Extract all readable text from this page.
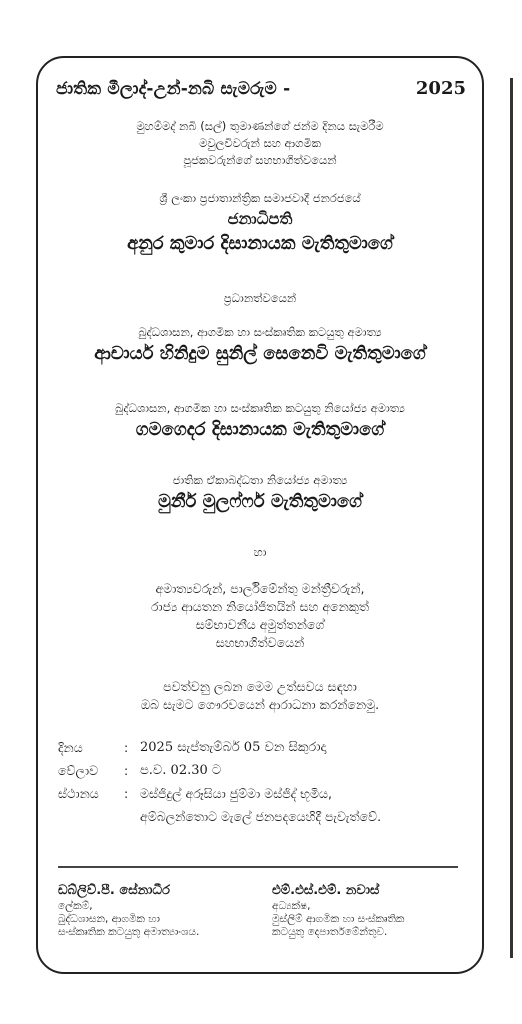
ජාතික මීලාද්-උන්-නබි සැමරුම -	2025
මුහම්මද් නබි (සල්) තුමාණන්ගේ ජන්ම දිනය සැමරීම
මවුලවිවරුන් සහ ආගමික
පූජකවරුන්ගේ සහභාගිත්වයෙන්
ශ්‍රී ලංකා ප්‍රජාතාන්ත්‍රික සමාජවාදී ජනරජයේ
ජනාධිපති
අනුර කුමාර දිසානායක මැතිතුමාගේ
ප්‍රධානත්වයෙන්
බුද්ධශාසන, ආගමික හා සංස්කෘතික කටයුතු අමාත්‍ය
ආචාර්ය හිනිදුම සුනිල් සෙනෙවි මැතිතුමාගේ
බුද්ධශාසන, ආගමික හා සංස්කෘතික කටයුතු නියෝජ්‍ය අමාත්‍ය
ගමගෙදර දිසානායක මැතිතුමාගේ
ජාතික ඒකාබද්ධතා නියෝජ්‍ය අමාත්‍ය
මුනීර් මුලෆ්ෆර් මැතිතුමාගේ
හා
අමාත්‍යවරුන්, පාර්ලිමේන්තු මන්ත්‍රීවරුන්,
රාජ්‍ය ආයතන නියෝජිතයින් සහ අනෙකුත්
සම්භාවනීය අමුත්තන්ගේ
සහභාගිත්වයෙන්
පවත්වනු ලබන මෙම උත්සවය සඳහා
ඔබ සැමට ගෞරවයෙන් ආරාධනා කරන්නෙමු.
දිනය	: 2025 සැප්තැම්බර් 05 වන සිකුරාදා
වේලාව	: ප.ව. 02.30 ට
ස්ථානය	: මස්ජිදුල් අරූසියා ජුම්මා මස්ජිද් භූමිය,
අම්බලන්තොට මැලේ ජනපදයෙහිදී පැවැත්වේ.
ඩබ්ලිව්.පී. සේනාධීර
ලේකම්,
බුද්ධශාසන, ආගමික හා
සංස්කෘතික කටයුතු අමාත්‍යාංශය.
එම්.එස්.එම්. නවාස්
අධ්‍යක්ෂ,
මුස්ලිම් ආගමික හා සංස්කෘතික
කටයුතු දෙපාර්තමේන්තුව.
